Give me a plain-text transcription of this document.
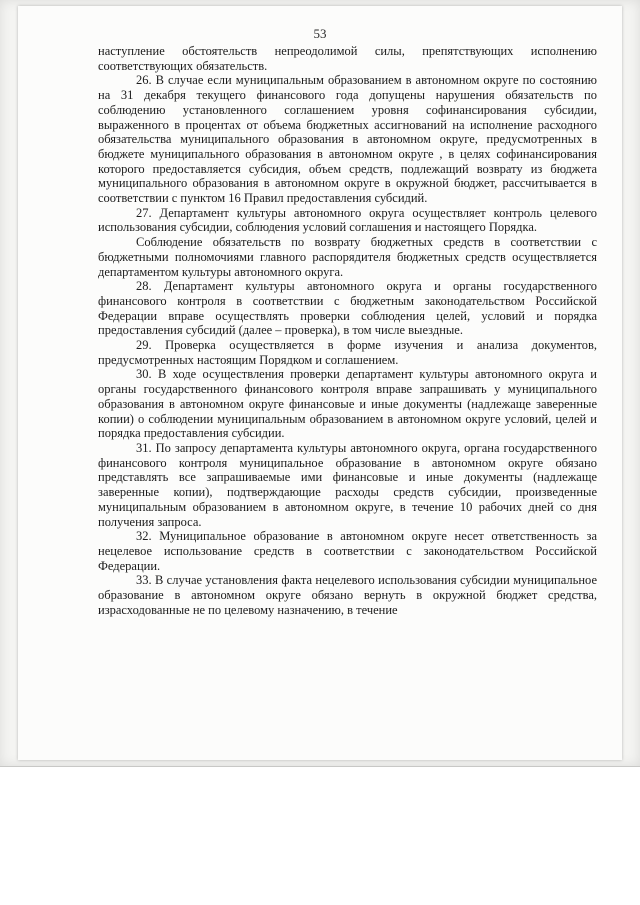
53

наступление обстоятельств непреодолимой силы, препятствующих исполнению соответствующих обязательств.

26. В случае если муниципальным образованием в автономном округе по состоянию на 31 декабря текущего финансового года допущены нарушения обязательств по соблюдению установленного соглашением уровня софинансирования субсидии, выраженного в процентах от объема бюджетных ассигнований на исполнение расходного обязательства муниципального образования в автономном округе, предусмотренных в бюджете муниципального образования в автономном округе , в целях софинансирования которого предоставляется субсидия, объем средств, подлежащий возврату из бюджета муниципального образования в автономном округе в окружной бюджет, рассчитывается в соответствии с пунктом 16 Правил предоставления субсидий.

27. Департамент культуры автономного округа осуществляет контроль целевого использования субсидии, соблюдения условий соглашения и настоящего Порядка.

Соблюдение обязательств по возврату бюджетных средств в соответствии с бюджетными полномочиями главного распорядителя бюджетных средств осуществляется департаментом культуры автономного округа.

28. Департамент культуры автономного округа и органы государственного финансового контроля в соответствии с бюджетным законодательством Российской Федерации вправе осуществлять проверки соблюдения целей, условий и порядка предоставления субсидий (далее – проверка), в том числе выездные.

29. Проверка осуществляется в форме изучения и анализа документов, предусмотренных настоящим Порядком и соглашением.

30. В ходе осуществления проверки департамент культуры автономного округа и органы государственного финансового контроля вправе запрашивать у муниципального образования в автономном округе финансовые и иные документы (надлежаще заверенные копии) о соблюдении муниципальным образованием в автономном округе условий, целей и порядка предоставления субсидии.

31. По запросу департамента культуры автономного округа, органа государственного финансового контроля муниципальное образование в автономном округе обязано представлять все запрашиваемые ими финансовые и иные документы (надлежаще заверенные копии), подтверждающие расходы средств субсидии, произведенные муниципальным образованием в автономном округе, в течение 10 рабочих дней со дня получения запроса.

32. Муниципальное образование в автономном округе несет ответственность за нецелевое использование средств в соответствии с законодательством Российской Федерации.

33. В случае установления факта нецелевого использования субсидии муниципальное образование в автономном округе обязано вернуть в окружной бюджет средства, израсходованные не по целевому назначению, в течение
